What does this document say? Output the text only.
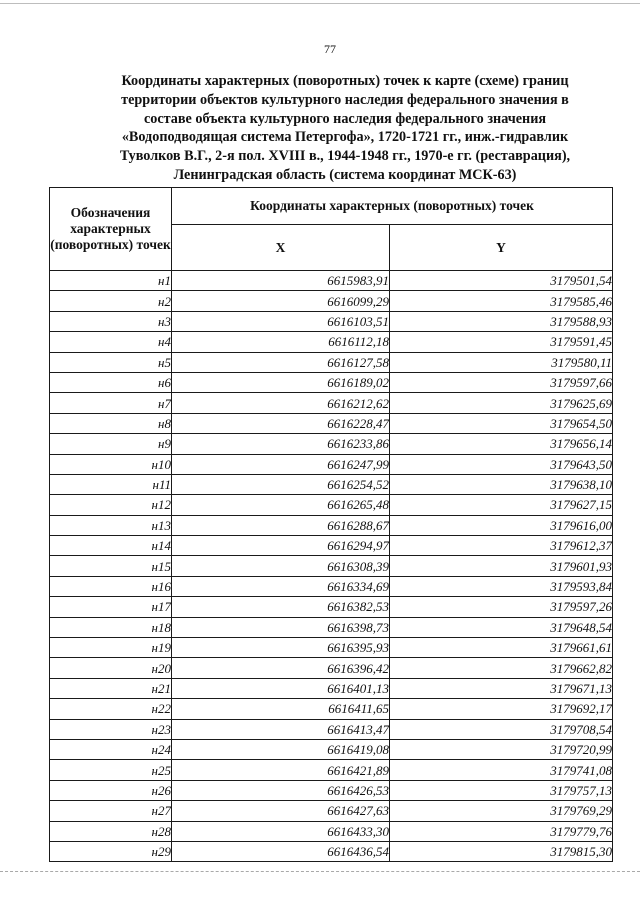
77
Координаты характерных (поворотных) точек к карте (схеме) границ
территории объектов культурного наследия федерального значения в
составе объекта культурного наследия федерального значения
«Водоподводящая система Петергофа», 1720-1721 гг., инж.-гидравлик
Туволков В.Г., 2-я пол. XVIII в., 1944-1948 гг., 1970-е гг. (реставрация),
Ленинградская область (система координат МСК-63)
Обозначения характерных (поворотных) точек	Координаты характерных (поворотных) точек	
	X	Y
н1	6615983,91	3179501,54
н2	6616099,29	3179585,46
н3	6616103,51	3179588,93
н4	6616112,18	3179591,45
н5	6616127,58	3179580,11
н6	6616189,02	3179597,66
н7	6616212,62	3179625,69
н8	6616228,47	3179654,50
н9	6616233,86	3179656,14
н10	6616247,99	3179643,50
н11	6616254,52	3179638,10
н12	6616265,48	3179627,15
н13	6616288,67	3179616,00
н14	6616294,97	3179612,37
н15	6616308,39	3179601,93
н16	6616334,69	3179593,84
н17	6616382,53	3179597,26
н18	6616398,73	3179648,54
н19	6616395,93	3179661,61
н20	6616396,42	3179662,82
н21	6616401,13	3179671,13
н22	6616411,65	3179692,17
н23	6616413,47	3179708,54
н24	6616419,08	3179720,99
н25	6616421,89	3179741,08
н26	6616426,53	3179757,13
н27	6616427,63	3179769,29
н28	6616433,30	3179779,76
н29	6616436,54	3179815,30
